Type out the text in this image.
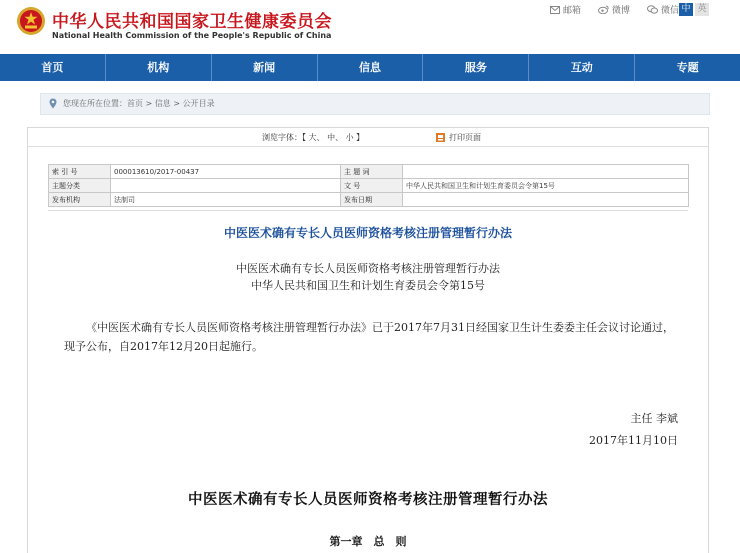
中华人民共和国国家卫生健康委员会
National Health Commission of the People's Republic of China
邮箱	微博	微信 中 英
首页	机构	新闻	信息	服务	互动	专题
您现在所在位置：首页 > 信息 > 公开目录
浏览字体：【 大、 中、 小 】	打印页面
索 引 号	000013610/2017-00437	主 题 词	
主题分类		文 号	中华人民共和国卫生和计划生育委员会令第15号
发布机构	法制司	发布日期	
中医医术确有专长人员医师资格考核注册管理暂行办法
中医医术确有专长人员医师资格考核注册管理暂行办法
中华人民共和国卫生和计划生育委员会令第15号
《中医医术确有专长人员医师资格考核注册管理暂行办法》已于2017年7月31日经国家卫生计生委委主任会议讨论通过，现予公布，自2017年12月20日起施行。
主任 李斌
2017年11月10日
中医医术确有专长人员医师资格考核注册管理暂行办法
第一章　总　则
